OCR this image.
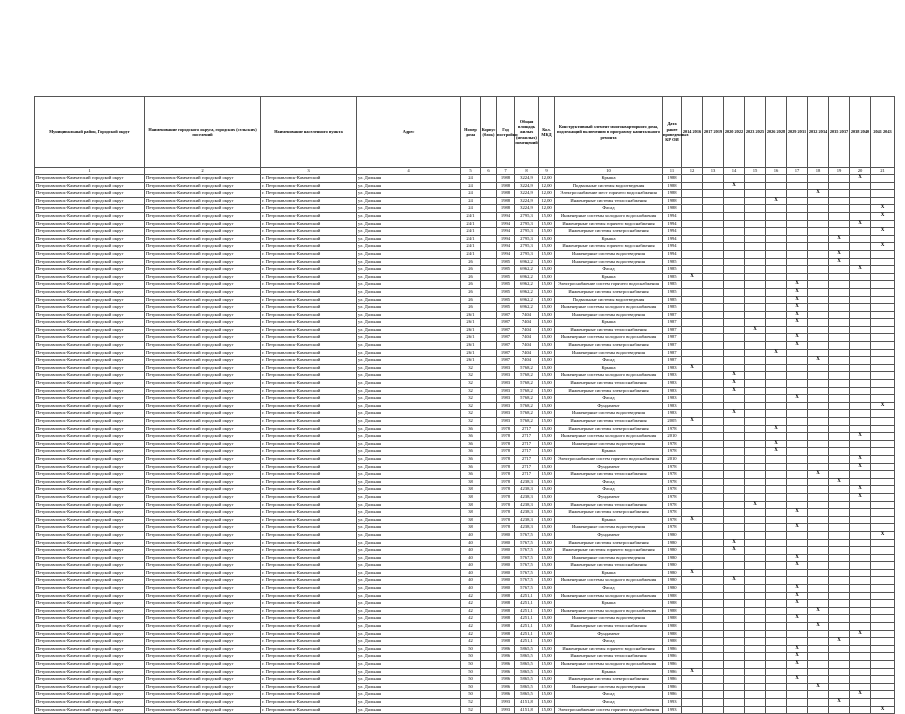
Муниципальный район, Городской округ	Наименование городского округа, городских (сельских) поселений	Наименование населенного пункта	Адрес	Номер дома	Корпус (блок)	Год постройки	Общая площадь жилых (нежилых) помещений	Кол. МКД	Конструктивный элемент многоквартирного дома, подлежащий включению в программу капитального ремонта	Дата ранее проведенных КР ОИ	2014 2016	2017 2019	2020 2022	2023 2025	2026 2028	2029 2031	2032 2034	2035 2037	2038 2040	2041 2043
1	2	3	4	5	6	7	8	9	10	11	12	13	14	15	16	17	18	19	20	21
Петропавловск-Камчатский городской округ	Петропавловск-Камчатский городской округ	г. Петропавловск-Камчатский	ул. Дальняя	24		1988	3224,9	12,00	Крыша	1988									X	
Петропавловск-Камчатский городской округ	Петропавловск-Камчатский городской округ	г. Петропавловск-Камчатский	ул. Дальняя	24		1988	3224,9	12,00	Подвальные системы водоотведения	1988			X							
Петропавловск-Камчатский городской округ	Петропавловск-Камчатский городской округ	г. Петропавловск-Камчатский	ул. Дальняя	24		1988	3224,9	12,00	Электроснабжение мест горячего водоснабжения	1988							X			
Петропавловск-Камчатский городской округ	Петропавловск-Камчатский городской округ	г. Петропавловск-Камчатский	ул. Дальняя	24		1988	3224,9	12,00	Инженерные системы теплоснабжения	1988					X					
Петропавловск-Камчатский городской округ	Петропавловск-Камчатский городской округ	г. Петропавловск-Камчатский	ул. Дальняя	24		1988	3224,9	12,00	Фасад	1988										X
Петропавловск-Камчатский городской округ	Петропавловск-Камчатский городской округ	г. Петропавловск-Камчатский	ул. Дальняя	24/1		1994	2795,3	15,00	Инженерные системы холодного водоснабжения	1994										X
Петропавловск-Камчатский городской округ	Петропавловск-Камчатский городской округ	г. Петропавловск-Камчатский	ул. Дальняя	24/1		1994	2795,3	15,00	Инженерные системы горячего водоснабжения	1994									X	
Петропавловск-Камчатский городской округ	Петропавловск-Камчатский городской округ	г. Петропавловск-Камчатский	ул. Дальняя	24/1		1994	2795,3	15,00	Инженерные системы электроснабжения	1994										X
Петропавловск-Камчатский городской округ	Петропавловск-Камчатский городской округ	г. Петропавловск-Камчатский	ул. Дальняя	24/1		1994	2795,3	15,00	Крыша	1994								X		
Петропавловск-Камчатский городской округ	Петропавловск-Камчатский городской округ	г. Петропавловск-Камчатский	ул. Дальняя	24/1		1994	2795,3	15,00	Инженерные системы горячего водоснабжения	1994										X
Петропавловск-Камчатский городской округ	Петропавловск-Камчатский городской округ	г. Петропавловск-Камчатский	ул. Дальняя	24/1		1994	2795,3	15,00	Инженерные системы водоотведения	1994								X		
Петропавловск-Камчатский городской округ	Петропавловск-Камчатский городской округ	г. Петропавловск-Камчатский	ул. Дальняя	26		1985	6962,2	15,00	Инженерные системы водоотведения	1985								X		
Петропавловск-Камчатский городской округ	Петропавловск-Камчатский городской округ	г. Петропавловск-Камчатский	ул. Дальняя	26		1985	6962,2	15,00	Фасад	1985									X	
Петропавловск-Камчатский городской округ	Петропавловск-Камчатский городской округ	г. Петропавловск-Камчатский	ул. Дальняя	26		1985	6962,2	15,00	Крыша	1985	X									
Петропавловск-Камчатский городской округ	Петропавловск-Камчатский городской округ	г. Петропавловск-Камчатский	ул. Дальняя	26		1985	6962,2	15,00	Электроснабжение систем горячего водоснабжения	1985						X				
Петропавловск-Камчатский городской округ	Петропавловск-Камчатский городской округ	г. Петропавловск-Камчатский	ул. Дальняя	26		1985	6962,2	15,00	Инженерные системы электроснабжения	1985						X				
Петропавловск-Камчатский городской округ	Петропавловск-Камчатский городской округ	г. Петропавловск-Камчатский	ул. Дальняя	26		1985	6962,2	15,00	Подвальные системы водоотведения	1985						X				
Петропавловск-Камчатский городской округ	Петропавловск-Камчатский городской округ	г. Петропавловск-Камчатский	ул. Дальняя	26		1985	6962,2	15,00	Инженерные системы холодного водоснабжения	1985						X				
Петропавловск-Камчатский городской округ	Петропавловск-Камчатский городской округ	г. Петропавловск-Камчатский	ул. Дальняя	26/1		1987	7404	15,00	Инженерные системы водоотведения	1987						X				
Петропавловск-Камчатский городской округ	Петропавловск-Камчатский городской округ	г. Петропавловск-Камчатский	ул. Дальняя	26/1		1987	7404	15,00	Крыша	1987						X				
Петропавловск-Камчатский городской округ	Петропавловск-Камчатский городской округ	г. Петропавловск-Камчатский	ул. Дальняя	26/1		1987	7404	15,00	Инженерные системы теплоснабжения	1987				X						
Петропавловск-Камчатский городской округ	Петропавловск-Камчатский городской округ	г. Петропавловск-Камчатский	ул. Дальняя	26/1		1987	7404	15,00	Инженерные системы холодного водоснабжения	1987						X				
Петропавловск-Камчатский городской округ	Петропавловск-Камчатский городской округ	г. Петропавловск-Камчатский	ул. Дальняя	26/1		1987	7404	15,00	Инженерные системы электроснабжения	1987						X				
Петропавловск-Камчатский городской округ	Петропавловск-Камчатский городской округ	г. Петропавловск-Камчатский	ул. Дальняя	26/1		1987	7404	15,00	Инженерные системы водоотведения	1987					X					
Петропавловск-Камчатский городской округ	Петропавловск-Камчатский городской округ	г. Петропавловск-Камчатский	ул. Дальняя	26/1		1987	7404	15,00	Фасад	1987							X			
Петропавловск-Камчатский городской округ	Петропавловск-Камчатский городской округ	г. Петропавловск-Камчатский	ул. Дальняя	32		1983	5768,2	15,00	Крыша	1983	X									
Петропавловск-Камчатский городской округ	Петропавловск-Камчатский городской округ	г. Петропавловск-Камчатский	ул. Дальняя	32		1983	5768,2	15,00	Инженерные системы холодного водоснабжения	1983			X							
Петропавловск-Камчатский городской округ	Петропавловск-Камчатский городской округ	г. Петропавловск-Камчатский	ул. Дальняя	32		1983	5768,2	15,00	Инженерные системы теплоснабжения	1983			X							
Петропавловск-Камчатский городской округ	Петропавловск-Камчатский городской округ	г. Петропавловск-Камчатский	ул. Дальняя	32		1983	5768,2	15,00	Инженерные системы электроснабжения	1983			X							
Петропавловск-Камчатский городской округ	Петропавловск-Камчатский городской округ	г. Петропавловск-Камчатский	ул. Дальняя	32		1983	5768,2	15,00	Фасад	1983						X				
Петропавловск-Камчатский городской округ	Петропавловск-Камчатский городской округ	г. Петропавловск-Камчатский	ул. Дальняя	32		1983	5768,2	15,00	Фундамент	1983										X
Петропавловск-Камчатский городской округ	Петропавловск-Камчатский городской округ	г. Петропавловск-Камчатский	ул. Дальняя	32		1983	5768,2	15,00	Инженерные системы водоотведения	1983			X							
Петропавловск-Камчатский городской округ	Петропавловск-Камчатский городской округ	г. Петропавловск-Камчатский	ул. Дальняя	32		1983	5768,2	15,00	Инженерные системы теплоснабжения	2005	X									
Петропавловск-Камчатский городской округ	Петропавловск-Камчатский городской округ	г. Петропавловск-Камчатский	ул. Дальняя	36		1978	2717	15,00	Инженерные системы электроснабжения	1978					X					
Петропавловск-Камчатский городской округ	Петропавловск-Камчатский городской округ	г. Петропавловск-Камчатский	ул. Дальняя	36		1978	2717	15,00	Инженерные системы холодного водоснабжения	2010									X	
Петропавловск-Камчатский городской округ	Петропавловск-Камчатский городской округ	г. Петропавловск-Камчатский	ул. Дальняя	36		1978	2717	15,00	Инженерные системы водоотведения	1978					X					
Петропавловск-Камчатский городской округ	Петропавловск-Камчатский городской округ	г. Петропавловск-Камчатский	ул. Дальняя	36		1978	2717	15,00	Крыша	1978					X					
Петропавловск-Камчатский городской округ	Петропавловск-Камчатский городской округ	г. Петропавловск-Камчатский	ул. Дальняя	36		1978	2717	15,00	Электроснабжение систем горячего водоснабжения	2010									X	
Петропавловск-Камчатский городской округ	Петропавловск-Камчатский городской округ	г. Петропавловск-Камчатский	ул. Дальняя	36		1978	2717	15,00	Фундамент	1978									X	
Петропавловск-Камчатский городской округ	Петропавловск-Камчатский городской округ	г. Петропавловск-Камчатский	ул. Дальняя	36		1978	2717	15,00	Инженерные системы теплоснабжения	1978							X			
Петропавловск-Камчатский городской округ	Петропавловск-Камчатский городской округ	г. Петропавловск-Камчатский	ул. Дальняя	38		1978	4238,3	15,00	Фасад	1978								X		
Петропавловск-Камчатский городской округ	Петропавловск-Камчатский городской округ	г. Петропавловск-Камчатский	ул. Дальняя	38		1978	4238,3	15,00	Фасад	1978									X	
Петропавловск-Камчатский городской округ	Петропавловск-Камчатский городской округ	г. Петропавловск-Камчатский	ул. Дальняя	38		1978	4238,3	15,00	Фундамент	1978									X	
Петропавловск-Камчатский городской округ	Петропавловск-Камчатский городской округ	г. Петропавловск-Камчатский	ул. Дальняя	38		1978	4238,3	15,00	Инженерные системы теплоснабжения	1978				X						
Петропавловск-Камчатский городской округ	Петропавловск-Камчатский городской округ	г. Петропавловск-Камчатский	ул. Дальняя	38		1978	4238,3	15,00	Инженерные системы электроснабжения	1978						X				
Петропавловск-Камчатский городской округ	Петропавловск-Камчатский городской округ	г. Петропавловск-Камчатский	ул. Дальняя	38		1978	4238,3	15,00	Крыша	1978	X									
Петропавловск-Камчатский городской округ	Петропавловск-Камчатский городской округ	г. Петропавловск-Камчатский	ул. Дальняя	38		1978	4238,3	15,00	Инженерные системы водоотведения	1978						X				
Петропавловск-Камчатский городской округ	Петропавловск-Камчатский городской округ	г. Петропавловск-Камчатский	ул. Дальняя	40		1980	5767,5	15,00	Фундамент	1980										X
Петропавловск-Камчатский городской округ	Петропавловск-Камчатский городской округ	г. Петропавловск-Камчатский	ул. Дальняя	40		1980	5767,5	15,00	Инженерные системы электроснабжения	1980			X							
Петропавловск-Камчатский городской округ	Петропавловск-Камчатский городской округ	г. Петропавловск-Камчатский	ул. Дальняя	40		1980	5767,5	15,00	Инженерные системы горячего водоснабжения	1980			X							
Петропавловск-Камчатский городской округ	Петропавловск-Камчатский городской округ	г. Петропавловск-Камчатский	ул. Дальняя	40		1980	5767,5	15,00	Инженерные системы водоотведения	1980						X				
Петропавловск-Камчатский городской округ	Петропавловск-Камчатский городской округ	г. Петропавловск-Камчатский	ул. Дальняя	40		1980	5767,5	15,00	Инженерные системы теплоснабжения	1980						X				
Петропавловск-Камчатский городской округ	Петропавловск-Камчатский городской округ	г. Петропавловск-Камчатский	ул. Дальняя	40		1980	5767,5	15,00	Крыша	1980	X									
Петропавловск-Камчатский городской округ	Петропавловск-Камчатский городской округ	г. Петропавловск-Камчатский	ул. Дальняя	40		1980	5767,5	15,00	Инженерные системы холодного водоснабжения	1980			X							
Петропавловск-Камчатский городской округ	Петропавловск-Камчатский городской округ	г. Петропавловск-Камчатский	ул. Дальняя	40		1980	5767,5	15,00	Фасад	1980						X				
Петропавловск-Камчатский городской округ	Петропавловск-Камчатский городской округ	г. Петропавловск-Камчатский	ул. Дальняя	42		1988	4251,1	15,00	Инженерные системы холодного водоснабжения	1988						X				
Петропавловск-Камчатский городской округ	Петропавловск-Камчатский городской округ	г. Петропавловск-Камчатский	ул. Дальняя	42		1988	4251,1	15,00	Крыша	1988						X				
Петропавловск-Камчатский городской округ	Петропавловск-Камчатский городской округ	г. Петропавловск-Камчатский	ул. Дальняя	42		1988	4251,1	15,00	Инженерные системы холодного водоснабжения	1988							X			
Петропавловск-Камчатский городской округ	Петропавловск-Камчатский городской округ	г. Петропавловск-Камчатский	ул. Дальняя	42		1988	4251,1	15,00	Инженерные системы водоотведения	1988						X				
Петропавловск-Камчатский городской округ	Петропавловск-Камчатский городской округ	г. Петропавловск-Камчатский	ул. Дальняя	42		1988	4251,1	15,00	Инженерные системы теплоснабжения	1988							X			
Петропавловск-Камчатский городской округ	Петропавловск-Камчатский городской округ	г. Петропавловск-Камчатский	ул. Дальняя	42		1988	4251,1	15,00	Фундамент	1988									X	
Петропавловск-Камчатский городской округ	Петропавловск-Камчатский городской округ	г. Петропавловск-Камчатский	ул. Дальняя	42		1988	4251,1	15,00	Фасад	1988								X		
Петропавловск-Камчатский городской округ	Петропавловск-Камчатский городской округ	г. Петропавловск-Камчатский	ул. Дальняя	50		1986	5865,5	15,00	Инженерные системы горячего водоснабжения	1986						X				
Петропавловск-Камчатский городской округ	Петропавловск-Камчатский городской округ	г. Петропавловск-Камчатский	ул. Дальняя	50		1986	5865,5	15,00	Инженерные системы теплоснабжения	1986						X				
Петропавловск-Камчатский городской округ	Петропавловск-Камчатский городской округ	г. Петропавловск-Камчатский	ул. Дальняя	50		1986	5865,5	15,00	Инженерные системы холодного водоснабжения	1986						X				
Петропавловск-Камчатский городской округ	Петропавловск-Камчатский городской округ	г. Петропавловск-Камчатский	ул. Дальняя	50		1986	5865,5	15,00	Крыша	1986	X									
Петропавловск-Камчатский городской округ	Петропавловск-Камчатский городской округ	г. Петропавловск-Камчатский	ул. Дальняя	50		1986	5865,5	15,00	Инженерные системы электроснабжения	1986						X				
Петропавловск-Камчатский городской округ	Петропавловск-Камчатский городской округ	г. Петропавловск-Камчатский	ул. Дальняя	50		1986	5865,5	15,00	Инженерные системы водоотведения	1986							X			
Петропавловск-Камчатский городской округ	Петропавловск-Камчатский городской округ	г. Петропавловск-Камчатский	ул. Дальняя	50		1986	5865,5	15,00	Фасад	1986									X	
Петропавловск-Камчатский городской округ	Петропавловск-Камчатский городской округ	г. Петропавловск-Камчатский	ул. Дальняя	52		1993	4151,8	15,00	Фасад	1993								X		
Петропавловск-Камчатский городской округ	Петропавловск-Камчатский городской округ	г. Петропавловск-Камчатский	ул. Дальняя	52		1993	4151,8	15,00	Электроснабжение систем горячего водоснабжения	1993										X
